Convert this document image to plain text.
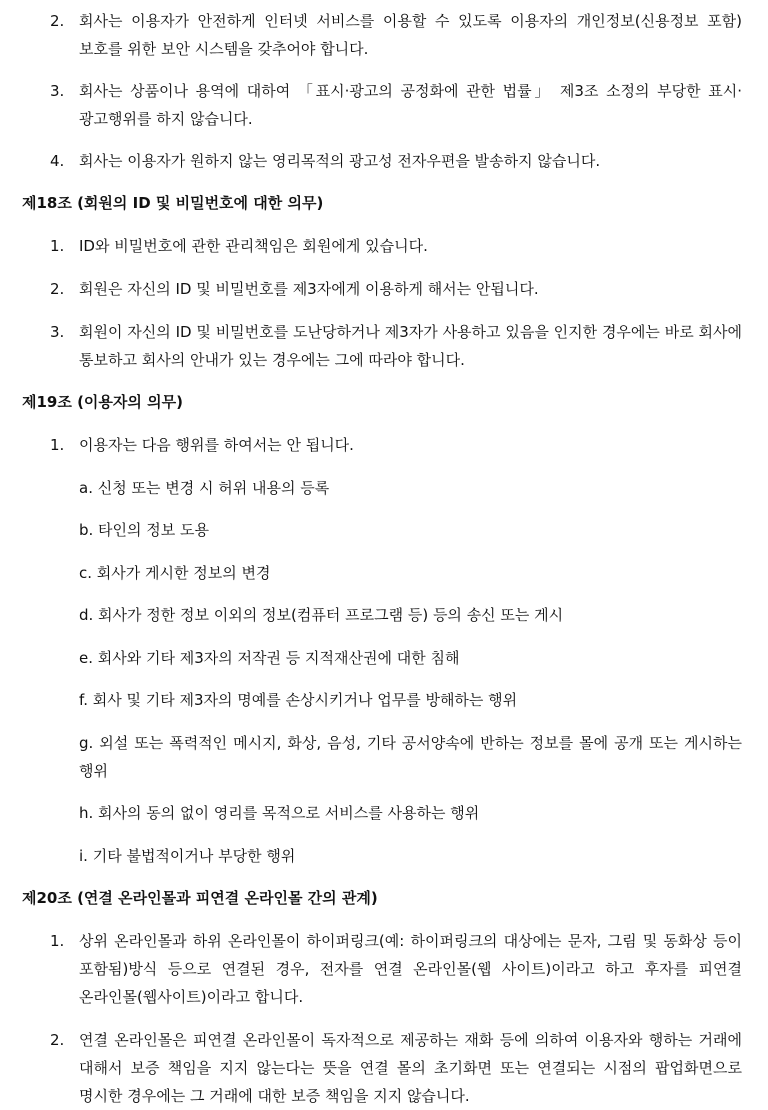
2. 회사는 이용자가 안전하게 인터넷 서비스를 이용할 수 있도록 이용자의 개인정보(신용정보 포함)보호를 위한 보안 시스템을 갖추어야 합니다.
3. 회사는 상품이나 용역에 대하여 「표시·광고의 공정화에 관한 법률」 제3조 소정의 부당한 표시·광고행위를 하지 않습니다.
4. 회사는 이용자가 원하지 않는 영리목적의 광고성 전자우편을 발송하지 않습니다.
제18조 (회원의 ID 및 비밀번호에 대한 의무)
1. ID와 비밀번호에 관한 관리책임은 회원에게 있습니다.
2. 회원은 자신의 ID 및 비밀번호를 제3자에게 이용하게 해서는 안됩니다.
3. 회원이 자신의 ID 및 비밀번호를 도난당하거나 제3자가 사용하고 있음을 인지한 경우에는 바로 회사에 통보하고 회사의 안내가 있는 경우에는 그에 따라야 합니다.
제19조 (이용자의 의무)
1. 이용자는 다음 행위를 하여서는 안 됩니다.
a. 신청 또는 변경 시 허위 내용의 등록
b. 타인의 정보 도용
c. 회사가 게시한 정보의 변경
d. 회사가 정한 정보 이외의 정보(컴퓨터 프로그램 등) 등의 송신 또는 게시
e. 회사와 기타 제3자의 저작권 등 지적재산권에 대한 침해
f. 회사 및 기타 제3자의 명예를 손상시키거나 업무를 방해하는 행위
g. 외설 또는 폭력적인 메시지, 화상, 음성, 기타 공서양속에 반하는 정보를 몰에 공개 또는 게시하는 행위
h. 회사의 동의 없이 영리를 목적으로 서비스를 사용하는 행위
i. 기타 불법적이거나 부당한 행위
제20조 (연결 온라인몰과 피연결 온라인몰 간의 관계)
1. 상위 온라인몰과 하위 온라인몰이 하이퍼링크(예: 하이퍼링크의 대상에는 문자, 그림 및 동화상 등이 포함됨)방식 등으로 연결된 경우, 전자를 연결 온라인몰(웹 사이트)이라고 하고 후자를 피연결 온라인몰(웹사이트)이라고 합니다.
2. 연결 온라인몰은 피연결 온라인몰이 독자적으로 제공하는 재화 등에 의하여 이용자와 행하는 거래에 대해서 보증 책임을 지지 않는다는 뜻을 연결 몰의 초기화면 또는 연결되는 시점의 팝업화면으로 명시한 경우에는 그 거래에 대한 보증 책임을 지지 않습니다.
